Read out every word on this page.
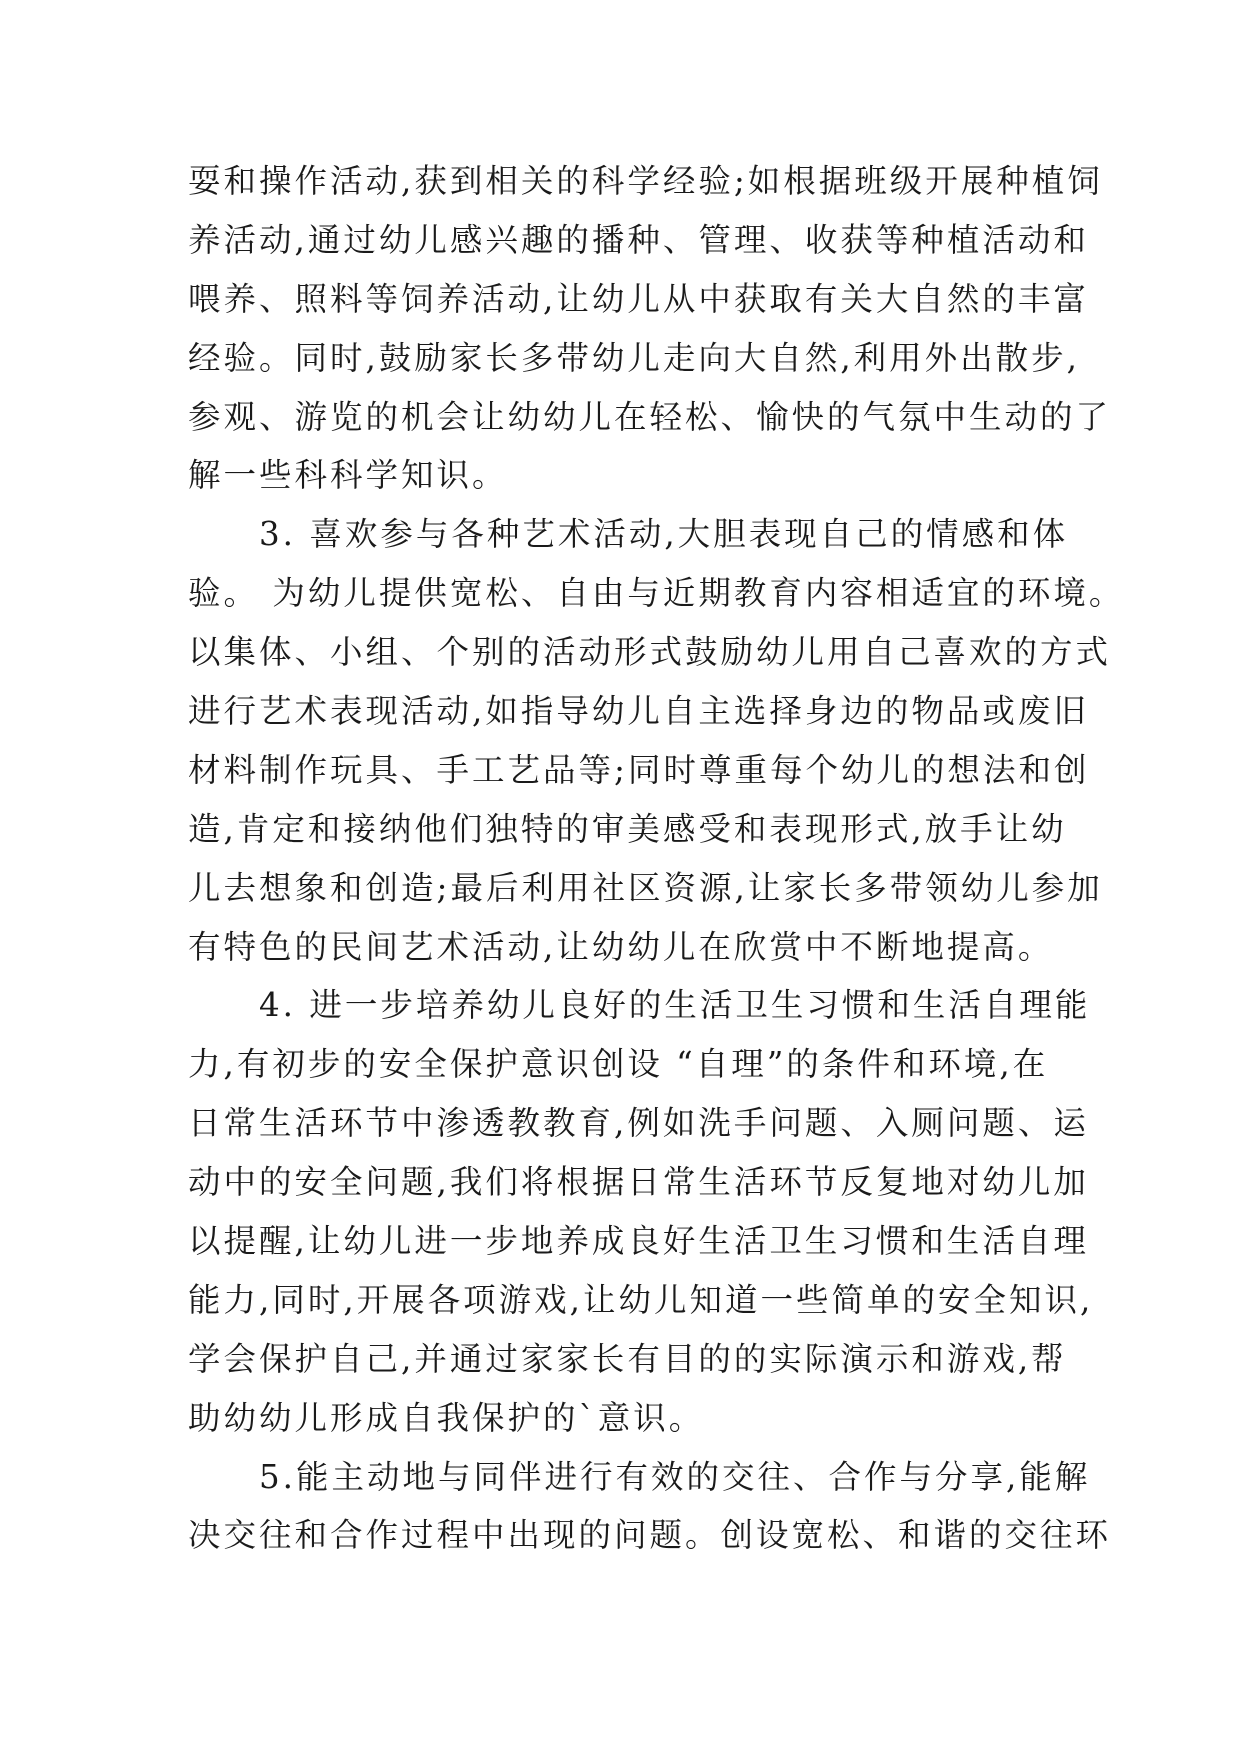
耍和操作活动,获到相关的科学经验;如根据班级开展种植饲
养活动,通过幼儿感兴趣的播种、管理、收获等种植活动和
喂养、照料等饲养活动,让幼儿从中获取有关大自然的丰富
经验。同时,鼓励家长多带幼儿走向大自然,利用外出散步,
参观、游览的机会让幼幼儿在轻松、愉快的气氛中生动的了
解一些科科学知识。
　　3. 喜欢参与各种艺术活动,大胆表现自己的情感和体
验。 为幼儿提供宽松、自由与近期教育内容相适宜的环境。
以集体、小组、个别的活动形式鼓励幼儿用自己喜欢的方式
进行艺术表现活动,如指导幼儿自主选择身边的物品或废旧
材料制作玩具、手工艺品等;同时尊重每个幼儿的想法和创
造,肯定和接纳他们独特的审美感受和表现形式,放手让幼
儿去想象和创造;最后利用社区资源,让家长多带领幼儿参加
有特色的民间艺术活动,让幼幼儿在欣赏中不断地提高。
　　4. 进一步培养幼儿良好的生活卫生习惯和生活自理能
力,有初步的安全保护意识创设 “自理”的条件和环境,在
日常生活环节中渗透教教育,例如洗手问题、入厕问题、运
动中的安全问题,我们将根据日常生活环节反复地对幼儿加
以提醒,让幼儿进一步地养成良好生活卫生习惯和生活自理
能力,同时,开展各项游戏,让幼儿知道一些简单的安全知识,
学会保护自己,并通过家家长有目的的实际演示和游戏,帮
助幼幼儿形成自我保护的`意识。
　　5.能主动地与同伴进行有效的交往、合作与分享,能解
决交往和合作过程中出现的问题。创设宽松、和谐的交往环
